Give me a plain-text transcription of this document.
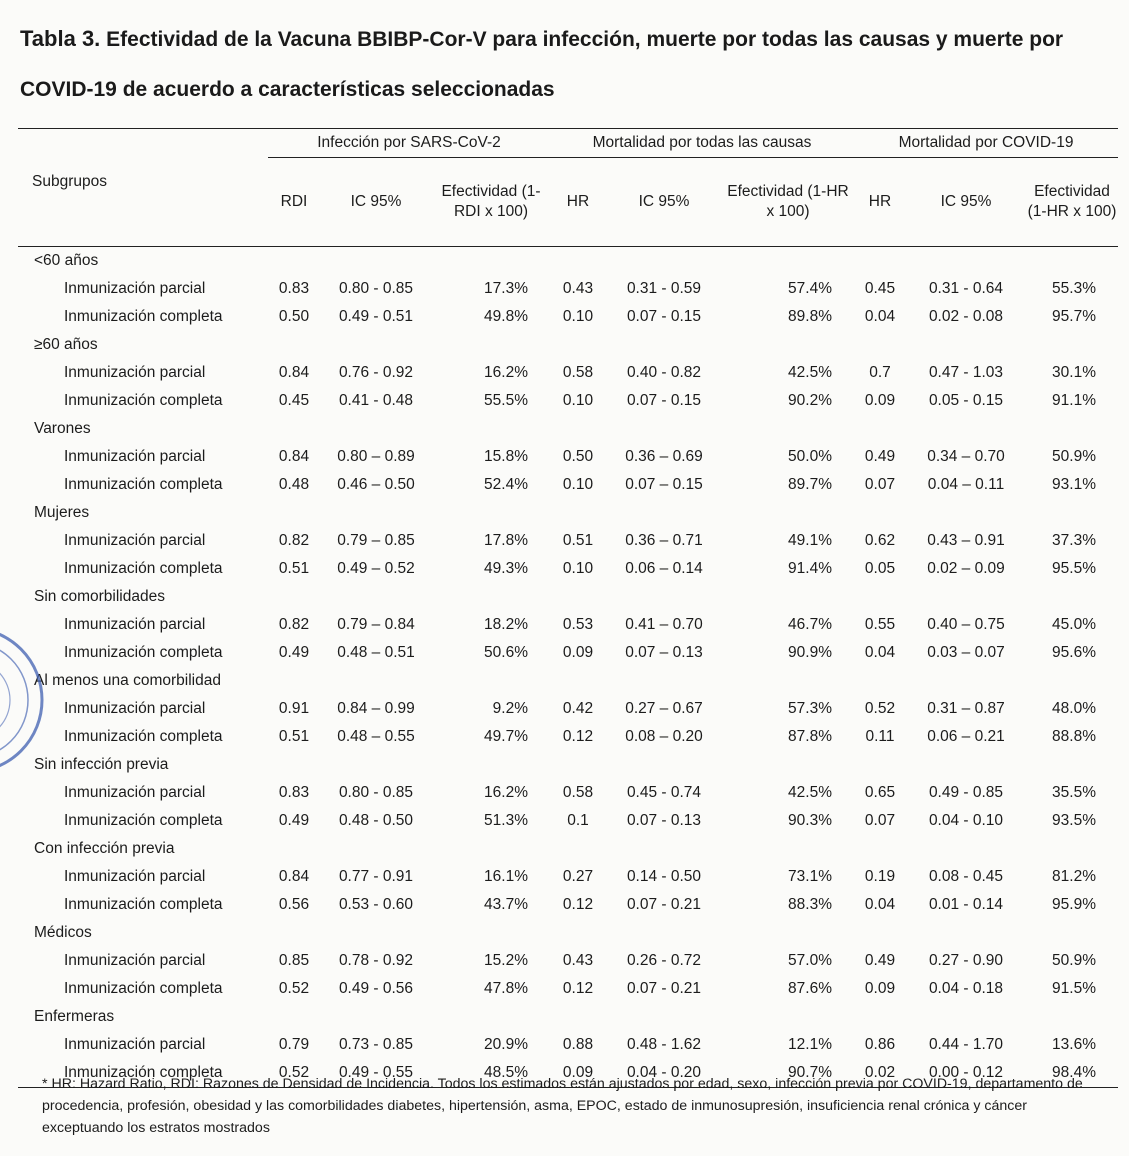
Tabla 3. Efectividad de la Vacuna BBIBP-Cor-V para infección, muerte por todas las causas y muerte por COVID-19 de acuerdo a características seleccionadas

	Infección por SARS-CoV-2			Mortalidad por todas las causas			Mortalidad por COVID-19		
Subgrupos	RDI	IC 95%	Efectividad (1-RDI x 100)	HR	IC 95%	Efectividad (1-HR x 100)	HR	IC 95%	Efectividad (1-HR x 100)
<60 años									
Inmunización parcial	0.83	0.80 - 0.85	17.3%	0.43	0.31 - 0.59	57.4%	0.45	0.31 - 0.64	55.3%
Inmunización completa	0.50	0.49 - 0.51	49.8%	0.10	0.07 - 0.15	89.8%	0.04	0.02 - 0.08	95.7%
≥60 años									
Inmunización parcial	0.84	0.76 - 0.92	16.2%	0.58	0.40 - 0.82	42.5%	0.7	0.47 - 1.03	30.1%
Inmunización completa	0.45	0.41 - 0.48	55.5%	0.10	0.07 - 0.15	90.2%	0.09	0.05 - 0.15	91.1%
Varones									
Inmunización parcial	0.84	0.80 – 0.89	15.8%	0.50	0.36 – 0.69	50.0%	0.49	0.34 – 0.70	50.9%
Inmunización completa	0.48	0.46 – 0.50	52.4%	0.10	0.07 – 0.15	89.7%	0.07	0.04 – 0.11	93.1%
Mujeres									
Inmunización parcial	0.82	0.79 – 0.85	17.8%	0.51	0.36 – 0.71	49.1%	0.62	0.43 – 0.91	37.3%
Inmunización completa	0.51	0.49 – 0.52	49.3%	0.10	0.06 – 0.14	91.4%	0.05	0.02 – 0.09	95.5%
Sin comorbilidades									
Inmunización parcial	0.82	0.79 – 0.84	18.2%	0.53	0.41 – 0.70	46.7%	0.55	0.40 – 0.75	45.0%
Inmunización completa	0.49	0.48 – 0.51	50.6%	0.09	0.07 – 0.13	90.9%	0.04	0.03 – 0.07	95.6%
Al menos una comorbilidad									
Inmunización parcial	0.91	0.84 – 0.99	9.2%	0.42	0.27 – 0.67	57.3%	0.52	0.31 – 0.87	48.0%
Inmunización completa	0.51	0.48 – 0.55	49.7%	0.12	0.08 – 0.20	87.8%	0.11	0.06 – 0.21	88.8%
Sin infección previa									
Inmunización parcial	0.83	0.80 - 0.85	16.2%	0.58	0.45 - 0.74	42.5%	0.65	0.49 - 0.85	35.5%
Inmunización completa	0.49	0.48 - 0.50	51.3%	0.1	0.07 - 0.13	90.3%	0.07	0.04 - 0.10	93.5%
Con infección previa									
Inmunización parcial	0.84	0.77 - 0.91	16.1%	0.27	0.14 - 0.50	73.1%	0.19	0.08 - 0.45	81.2%
Inmunización completa	0.56	0.53 - 0.60	43.7%	0.12	0.07 - 0.21	88.3%	0.04	0.01 - 0.14	95.9%
Médicos									
Inmunización parcial	0.85	0.78 - 0.92	15.2%	0.43	0.26 - 0.72	57.0%	0.49	0.27 - 0.90	50.9%
Inmunización completa	0.52	0.49 - 0.56	47.8%	0.12	0.07 - 0.21	87.6%	0.09	0.04 - 0.18	91.5%
Enfermeras									
Inmunización parcial	0.79	0.73 - 0.85	20.9%	0.88	0.48 - 1.62	12.1%	0.86	0.44 - 1.70	13.6%
Inmunización completa	0.52	0.49 - 0.55	48.5%	0.09	0.04 - 0.20	90.7%	0.02	0.00 - 0.12	98.4%
* HR: Hazard Ratio, RDI: Razones de Densidad de Incidencia. Todos los estimados están ajustados por edad, sexo, infección previa por COVID-19, departamento de procedencia, profesión, obesidad y las comorbilidades diabetes, hipertensión, asma, EPOC, estado de inmunosupresión, insuficiencia renal crónica y cáncer exceptuando los estratos mostrados
